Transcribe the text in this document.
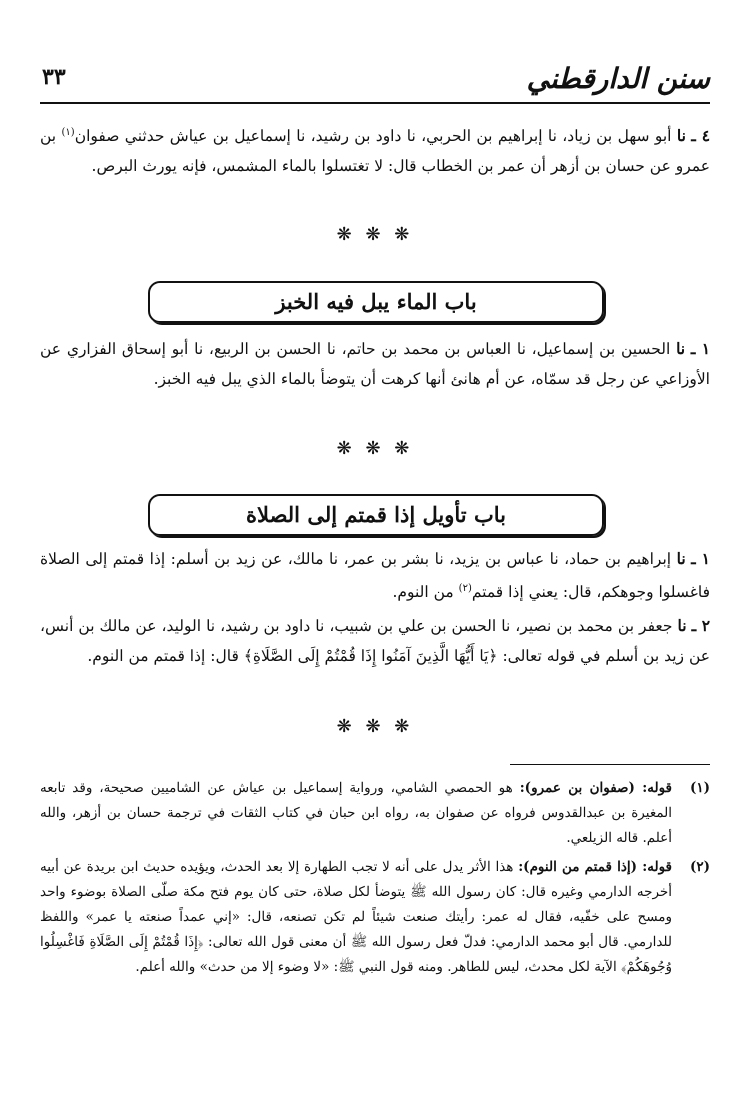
سنن الدارقطني
٣٣
٤ ـ نا أبو سهل بن زياد، نا إبراهيم بن الحربي، نا داود بن رشيد، نا إسماعيل بن عياش حدثني صفوان$^{(١)}$ بن عمرو عن حسان بن أزهر أن عمر بن الخطاب قال: لا تغتسلوا بالماء المشمس، فإنه يورث البرص.
❋ ❋ ❋
باب الماء يبل فيه الخبز
١ ـ نا الحسين بن إسماعيل، نا العباس بن محمد بن حاتم، نا الحسن بن الربيع، نا أبو إسحاق الفزاري عن الأوزاعي عن رجل قد سمّاه، عن أم هانئ أنها كرهت أن يتوضأ بالماء الذي يبل فيه الخبز.
❋ ❋ ❋
باب تأويل إذا قمتم إلى الصلاة
١ ـ نا إبراهيم بن حماد، نا عباس بن يزيد، نا بشر بن عمر، نا مالك، عن زيد بن أسلم: إذا قمتم إلى الصلاة فاغسلوا وجوهكم، قال: يعني إذا قمتم$^{(٢)}$ من النوم.
٢ ـ نا جعفر بن محمد بن نصير، نا الحسن بن علي بن شبيب، نا داود بن رشيد، نا الوليد، عن مالك بن أنس، عن زيد بن أسلم في قوله تعالى: ﴿يَا أَيُّهَا الَّذِينَ آمَنُوا إِذَا قُمْتُمْ إِلَى الصَّلَاةِ﴾ قال: إذا قمتم من النوم.
❋ ❋ ❋
(١)
قوله: (صفوان بن عمرو): هو الحمصي الشامي، ورواية إسماعيل بن عياش عن الشاميين صحيحة، وقد تابعه المغيرة بن عبدالقدوس فرواه عن صفوان به، رواه ابن حبان في كتاب الثقات في ترجمة حسان بن أزهر، والله أعلم. قاله الزيلعي.
(٢)
قوله: (إذا قمتم من النوم): هذا الأثر يدل على أنه لا تجب الطهارة إلا بعد الحدث، ويؤيده حديث ابن بريدة عن أبيه أخرجه الدارمي وغيره قال: كان رسول الله ﷺ يتوضأ لكل صلاة، حتى كان يوم فتح مكة صلّى الصلاة بوضوء واحد ومسح على خفّيه، فقال له عمر: رأيتك صنعت شيئاً لم تكن تصنعه، قال: «إني عمداً صنعته يا عمر» واللفظ للدارمي. قال أبو محمد الدارمي: فدلّ فعل رسول الله ﷺ أن معنى قول الله تعالى: ﴿إِذَا قُمْتُمْ إِلَى الصَّلَاةِ فَاغْسِلُوا وُجُوهَكُمْ﴾ الآية لكل محدث، ليس للطاهر. ومنه قول النبي ﷺ: «لا وضوء إلا من حدث» والله أعلم.
